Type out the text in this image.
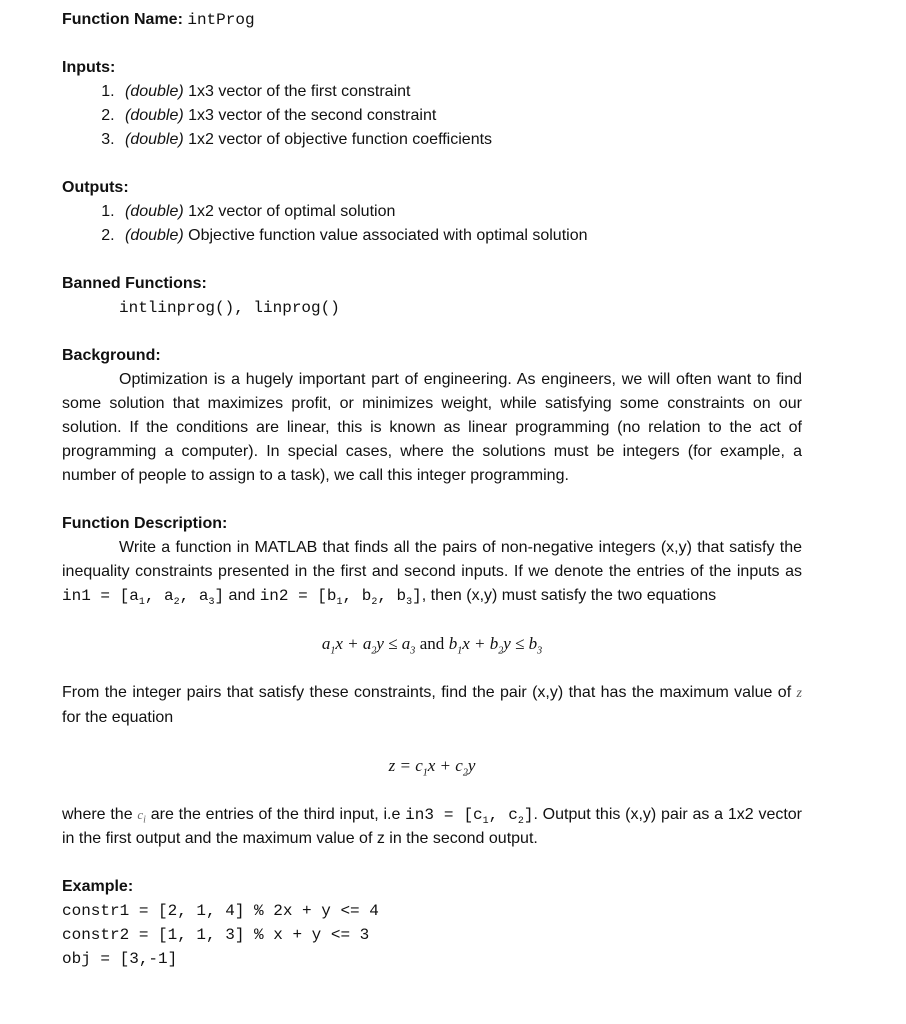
Function Name: intProg
Inputs:
1. (double) 1x3 vector of the first constraint
2. (double) 1x3 vector of the second constraint
3. (double) 1x2 vector of objective function coefficients
Outputs:
1. (double) 1x2 vector of optimal solution
2. (double) Objective function value associated with optimal solution
Banned Functions:
intlinprog(), linprog()
Background:

Optimization is a hugely important part of engineering. As engineers, we will often want to find some solution that maximizes profit, or minimizes weight, while satisfying some constraints on our solution. If the conditions are linear, this is known as linear programming (no relation to the act of programming a computer). In special cases, where the solutions must be integers (for example, a number of people to assign to a task), we call this integer programming.

Function Description:

Write a function in MATLAB that finds all the pairs of non-negative integers (x,y) that satisfy the inequality constraints presented in the first and second inputs. If we denote the entries of the inputs as $in1 = [a_1$, $a_2$, $a_3$] and $in2 = [b_1$, $b_2$, $b_3$], then (x,y) must satisfy the two equations

$a_1x + a_2y \le a_3$ and $b_1x + b_2y \le b_3$

From the integer pairs that satisfy these constraints, find the pair (x,y) that has the maximum value of z for the equation

$z = c_1x + c_2y$

where the $c_i$ are the entries of the third input, i.e $in3 = [c_1$, $c_2$]. Output this (x,y) pair as a 1x2 vector in the first output and the maximum value of z in the second output.

Example:
constr1 = [2, 1, 4] % 2x + y <= 4
constr2 = [1, 1, 3] % x + y <= 3
obj = [3,-1]
